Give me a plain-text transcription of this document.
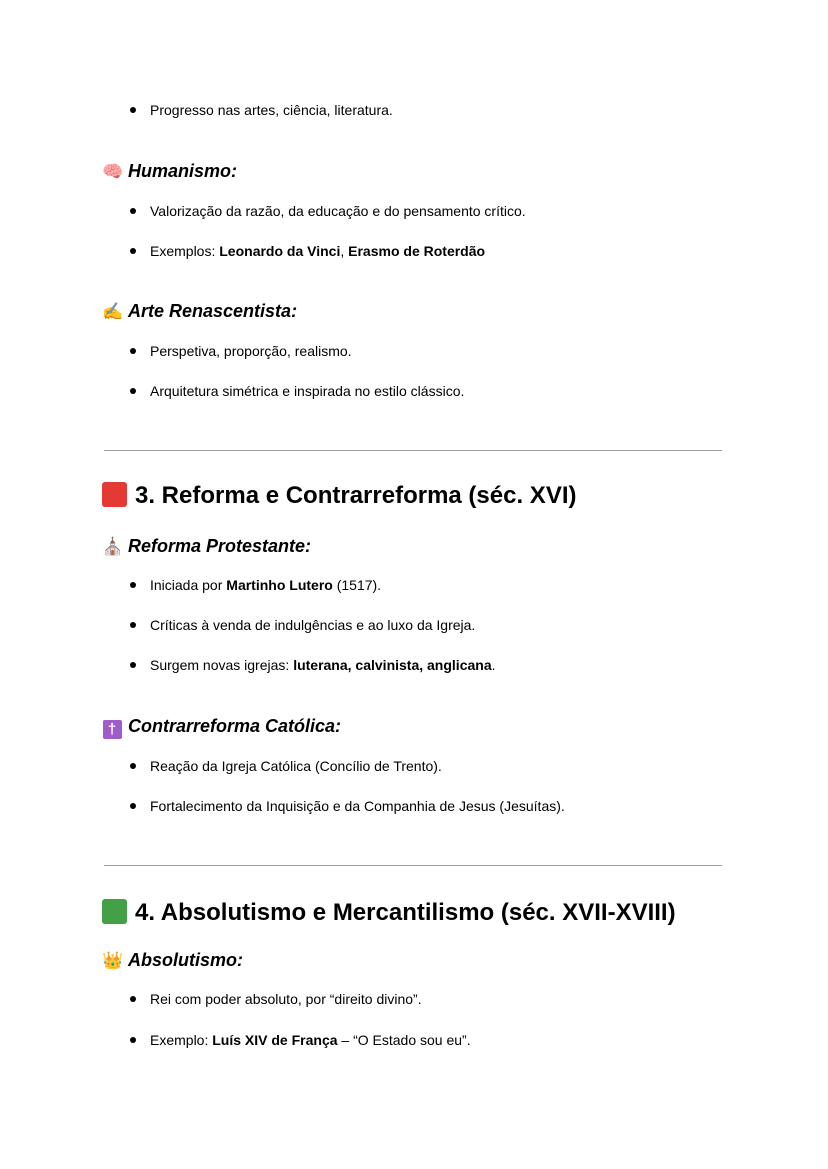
Progresso nas artes, ciência, literatura.
🧠 Humanismo:
Valorização da razão, da educação e do pensamento crítico.
Exemplos: Leonardo da Vinci, Erasmo de Roterdão
✍ Arte Renascentista:
Perspetiva, proporção, realismo.
Arquitetura simétrica e inspirada no estilo clássico.
3. Reforma e Contrarreforma (séc. XVI)
⛪ Reforma Protestante:
Iniciada por Martinho Lutero (1517).
Críticas à venda de indulgências e ao luxo da Igreja.
Surgem novas igrejas: luterana, calvinista, anglicana.
† Contrarreforma Católica:
Reação da Igreja Católica (Concílio de Trento).
Fortalecimento da Inquisição e da Companhia de Jesus (Jesuítas).
4. Absolutismo e Mercantilismo (séc. XVII-XVIII)
👑 Absolutismo:
Rei com poder absoluto, por “direito divino”.
Exemplo: Luís XIV de França – “O Estado sou eu”.
